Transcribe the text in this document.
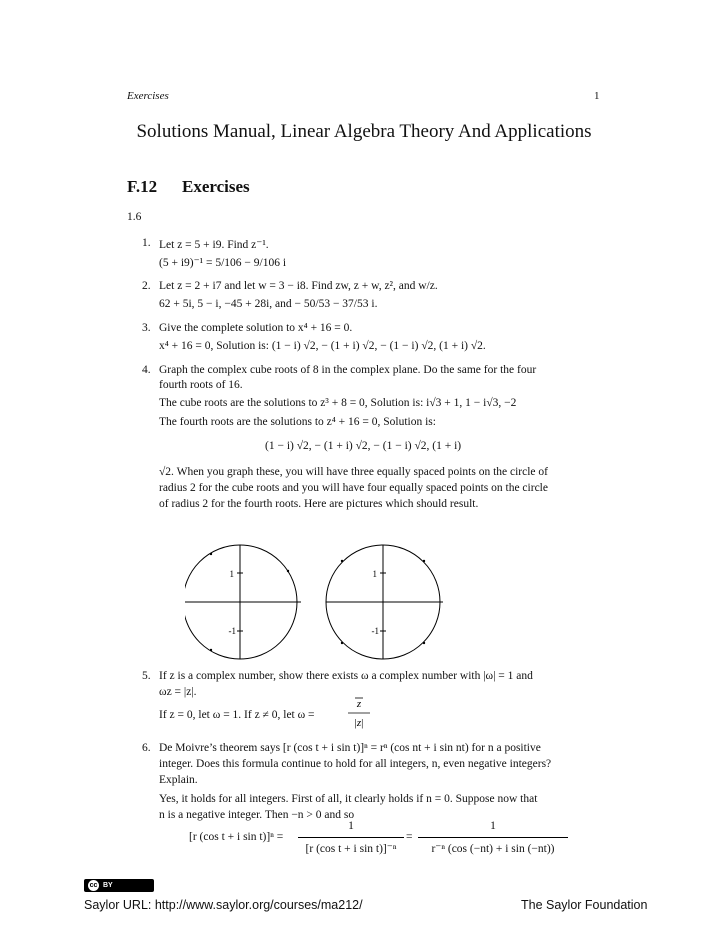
Exercises	1
Solutions Manual, Linear Algebra Theory And Applications
F.12 Exercises
1.6
1. Let z = 5 + i9. Find z⁻¹.
(5 + i9)⁻¹ = 5/106 − 9/106 i
2. Let z = 2 + i7 and let w = 3 − i8. Find zw, z + w, z², and w/z.
62 + 5i, 5 − i, −45 + 28i, and − 50/53 − 37/53 i.
3. Give the complete solution to x⁴ + 16 = 0.
x⁴ + 16 = 0, Solution is: (1 − i) √2, − (1 + i) √2, − (1 − i) √2, (1 + i) √2.
4. Graph the complex cube roots of 8 in the complex plane. Do the same for the four
fourth roots of 16.
The cube roots are the solutions to z³ + 8 = 0, Solution is: i√3 + 1, 1 − i√3, −2
The fourth roots are the solutions to z⁴ + 16 = 0, Solution is:
(1 − i) √2, − (1 + i) √2, − (1 − i) √2, (1 + i)
√2. When you graph these, you will have three equally spaced points on the circle of
radius 2 for the cube roots and you will have four equally spaced points on the circle
of radius 2 for the fourth roots. Here are pictures which should result.
1
-1
1
-1
5. If z is a complex number, show there exists ω a complex number with |ω| = 1 and
ωz = |z|.
If z = 0, let ω = 1. If z ≠ 0, let ω =
z
|z|
6. De Moivre’s theorem says [r (cos t + i sin t)]ⁿ = rⁿ (cos nt + i sin nt) for n a positive
integer. Does this formula continue to hold for all integers, n, even negative integers?
Explain.
Yes, it holds for all integers. First of all, it clearly holds if n = 0. Suppose now that
n is a negative integer. Then −n > 0 and so
[r (cos t + i sin t)]ⁿ =
1
[r (cos t + i sin t)]⁻ⁿ
=
1
r⁻ⁿ (cos (−nt) + i sin (−nt))
cc BY
Saylor URL: http://www.saylor.org/courses/ma212/	The Saylor Foundation
